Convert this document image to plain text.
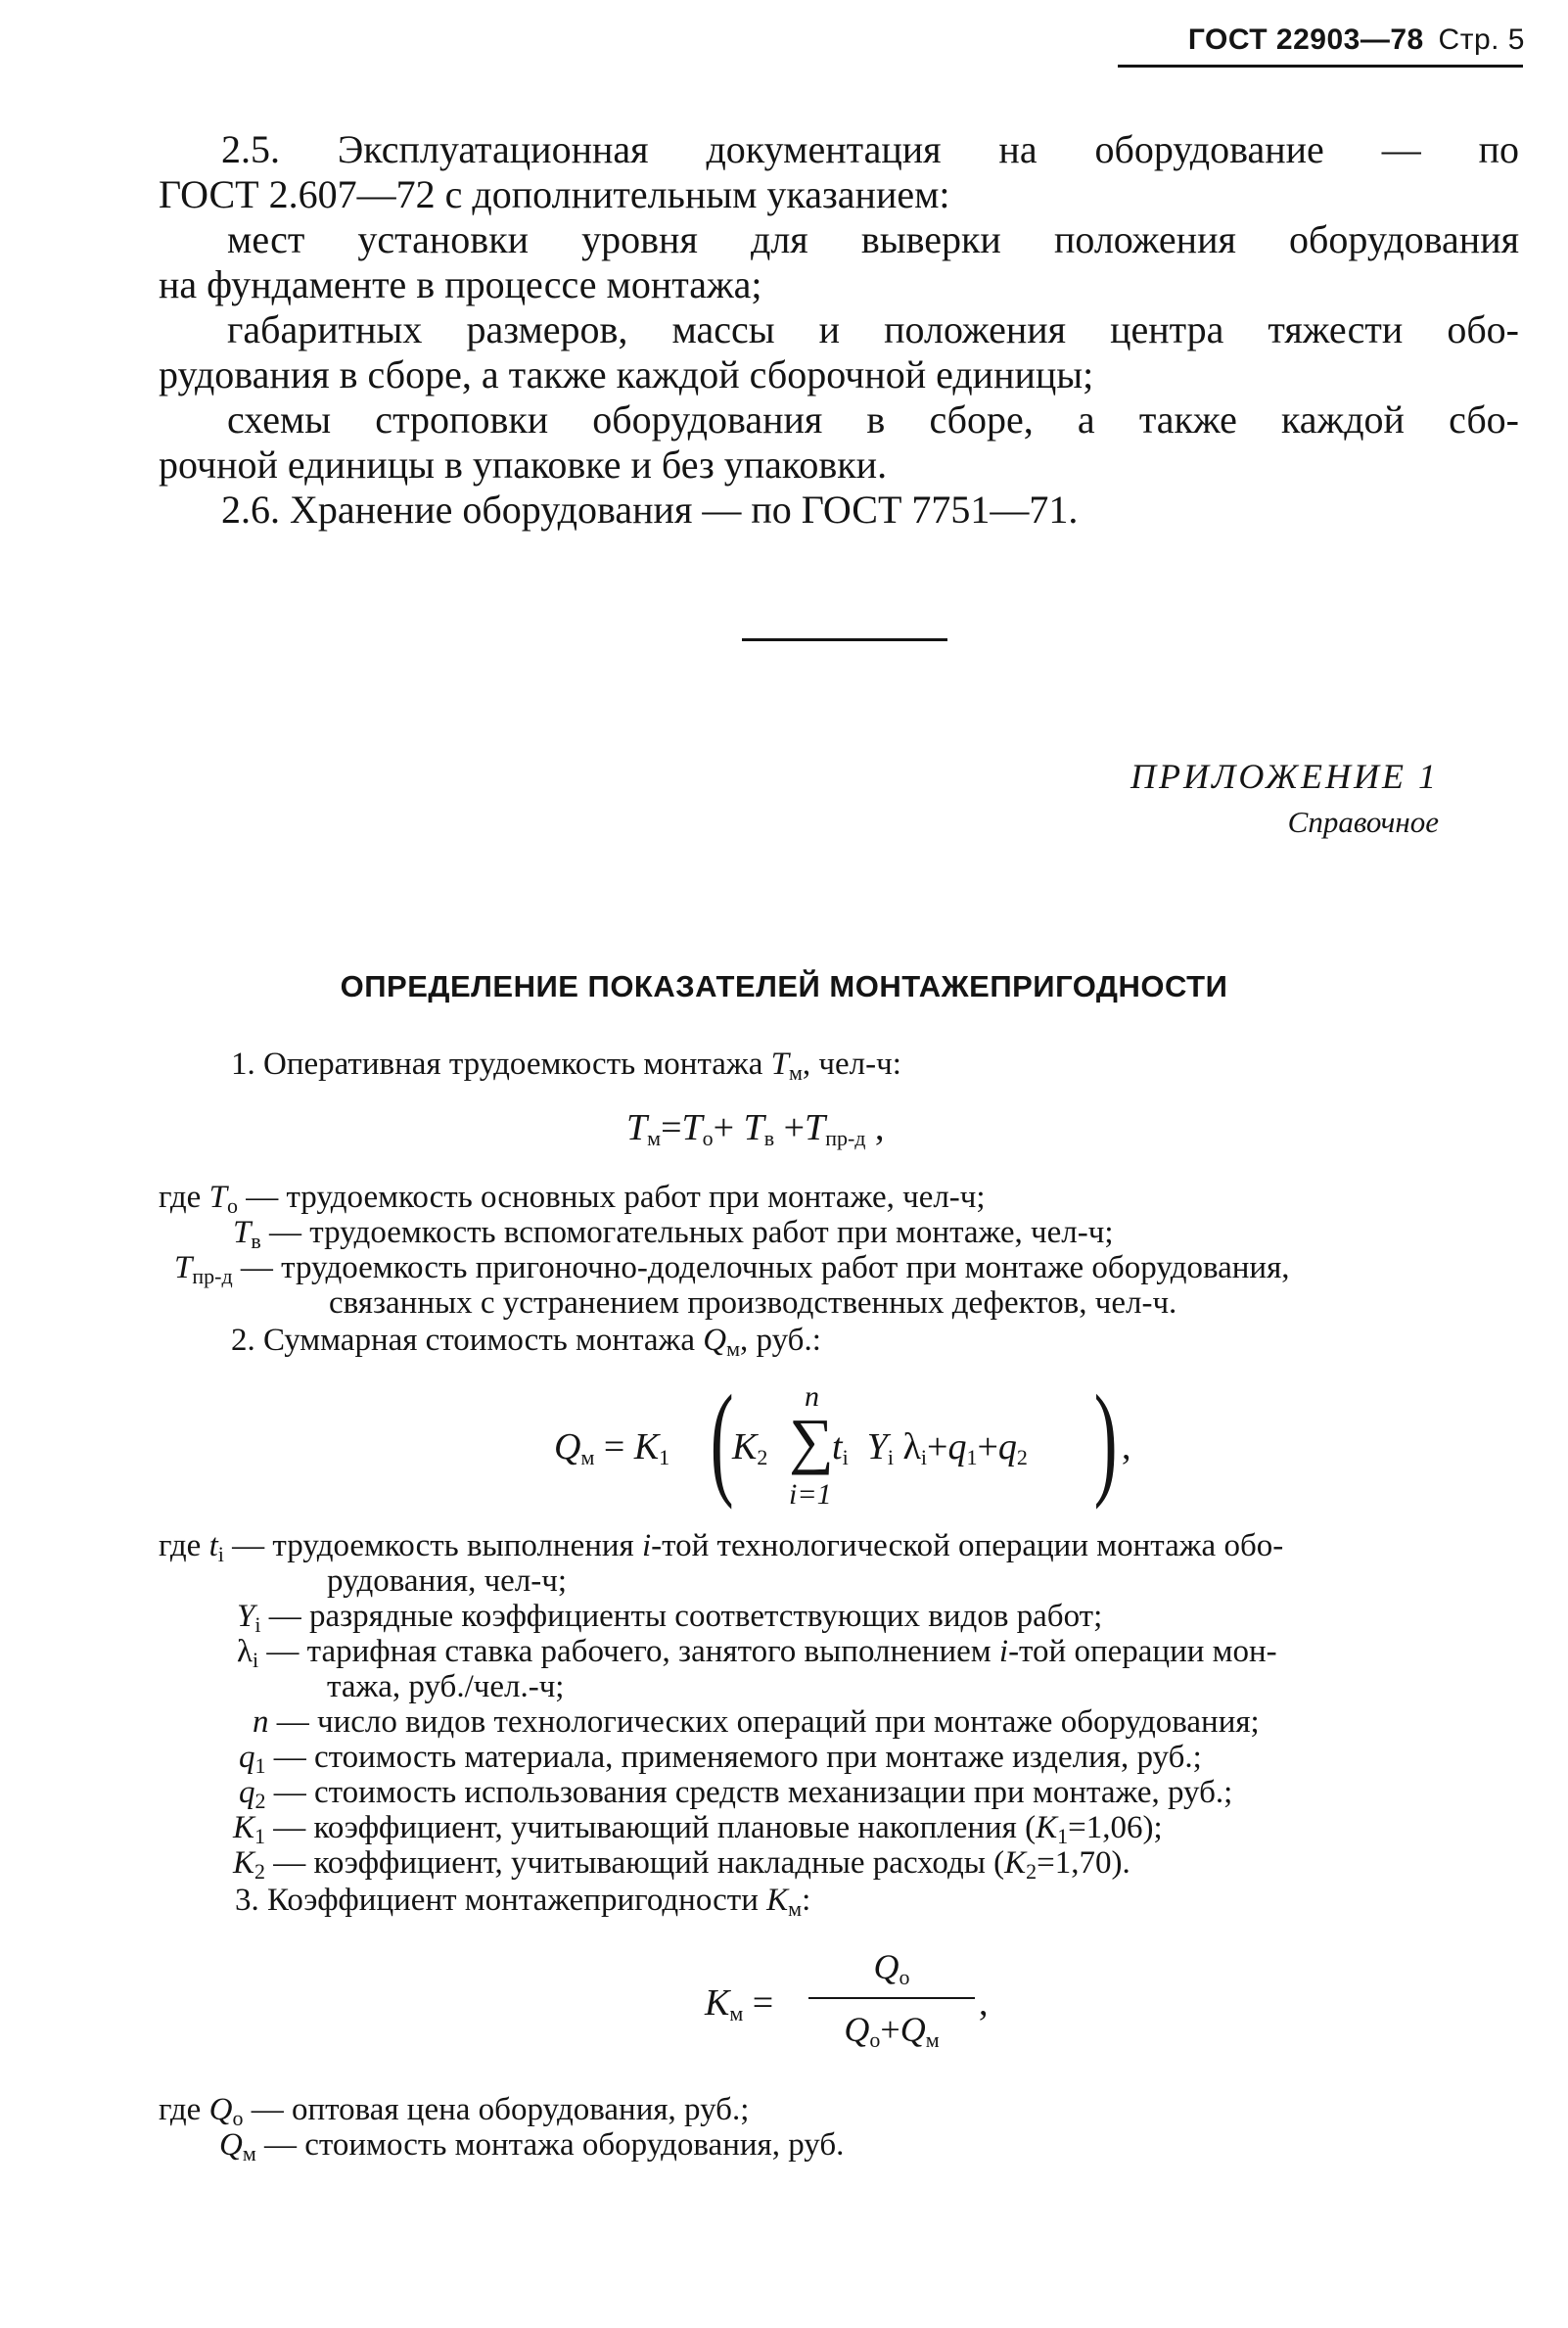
ГОСТ 22903—78 Стр. 5
2.5. Эксплуатационная документация на оборудование — по
ГОСТ 2.607—72 с дополнительным указанием:
мест установки уровня для выверки положения оборудования
на фундаменте в процессе монтажа;
габаритных размеров, массы и положения центра тяжести обо-
рудования в сборе, а также каждой сборочной единицы;
схемы строповки оборудования в сборе, а также каждой сбо-
рочной единицы в упаковке и без упаковки.
2.6. Хранение оборудования — по ГОСТ 7751—71.
ПРИЛОЖЕНИЕ 1
Справочное
ОПРЕДЕЛЕНИЕ ПОКАЗАТЕЛЕЙ МОНТАЖЕПРИГОДНОСТИ
1. Оперативная трудоемкость монтажа $T_м$, чел-ч:
$T_м=T_о+ T_в +T_{пр-д}$ ,
где $T_о$ — трудоемкость основных работ при монтаже, чел-ч;
$T_в$ — трудоемкость вспомогательных работ при монтаже, чел-ч;
$T_{пр-д}$ — трудоемкость пригоночно-доделочных работ при монтаже оборудования,
связанных с устранением производственных дефектов, чел-ч.
2. Суммарная стоимость монтажа $Q_м$, руб.:
$Q_м = K_1$ (
$K_2$
n
∑
i=1
$t_i$ $Y_i$ $\lambda_i+q_1+q_2$ ) ,
где $t_i$ — трудоемкость выполнения i-той технологической операции монтажа обо-
рудования, чел-ч;
$Y_i$ — разрядные коэффициенты соответствующих видов работ;
$\lambda_i$ — тарифная ставка рабочего, занятого выполнением i-той операции мон-
тажа, руб./чел.-ч;
n — число видов технологических операций при монтаже оборудования;
$q_1$ — стоимость материала, применяемого при монтаже изделия, руб.;
$q_2$ — стоимость использования средств механизации при монтаже, руб.;
$K_1$ — коэффициент, учитывающий плановые накопления $(K_1=1,06)$;
$K_2$ — коэффициент, учитывающий накладные расходы $(K_2=1,70)$.
3. Коэффициент монтажепригодности $K_м$:
$K_м$ =
$Q_о$
$Q_о+Q_м$
,
где $Q_о$ — оптовая цена оборудования, руб.;
$Q_м$ — стоимость монтажа оборудования, руб.
